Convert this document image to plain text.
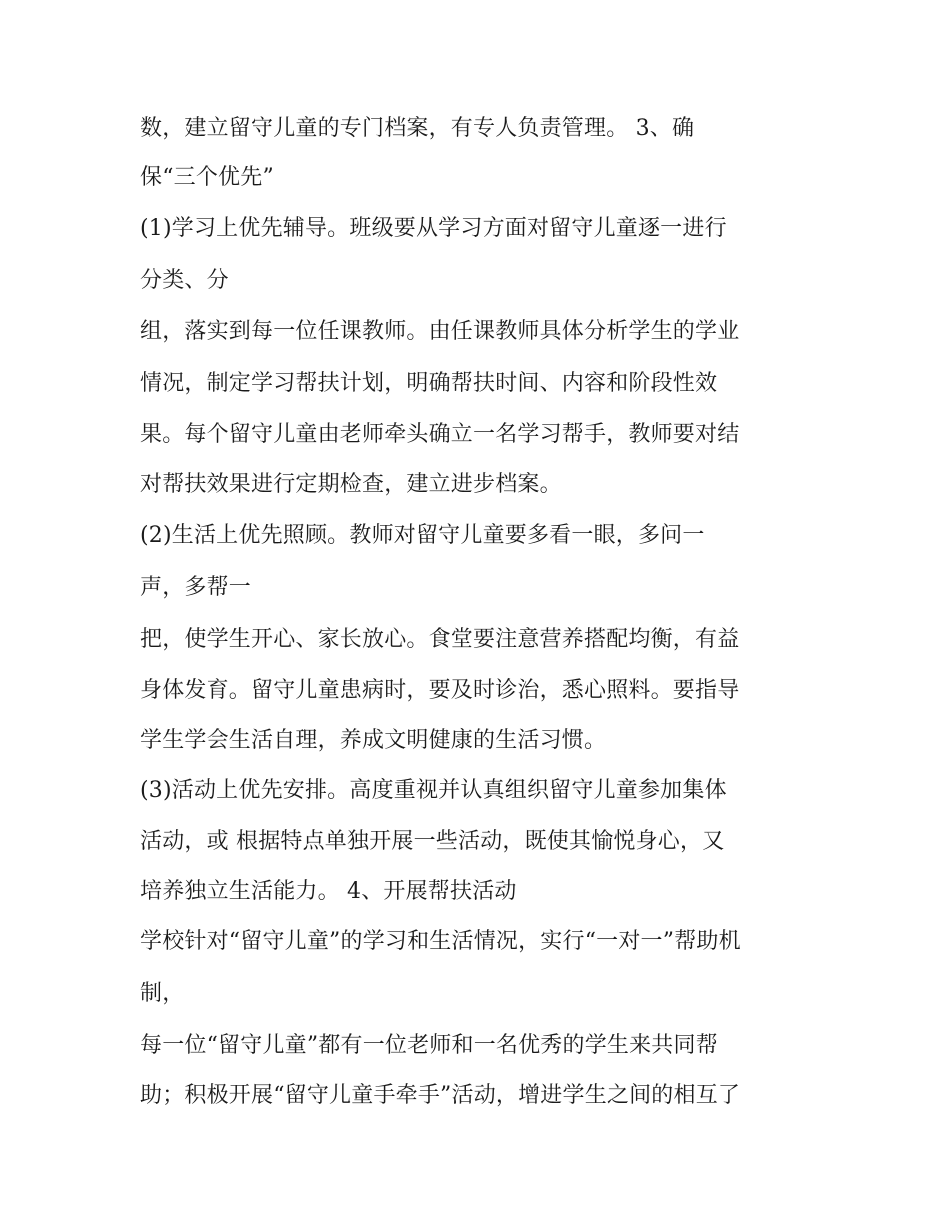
数，建立留守儿童的专门档案，有专人负责管理。 3、确

保“三个优先”

(1)学习上优先辅导。班级要从学习方面对留守儿童逐一进行

分类、分

组，落实到每一位任课教师。由任课教师具体分析学生的学业

情况，制定学习帮扶计划，明确帮扶时间、内容和阶段性效

果。每个留守儿童由老师牵头确立一名学习帮手，教师要对结

对帮扶效果进行定期检查，建立进步档案。

(2)生活上优先照顾。教师对留守儿童要多看一眼，多问一

声，多帮一

把，使学生开心、家长放心。食堂要注意营养搭配均衡，有益

身体发育。留守儿童患病时，要及时诊治，悉心照料。要指导

学生学会生活自理，养成文明健康的生活习惯。

(3)活动上优先安排。高度重视并认真组织留守儿童参加集体

活动，或 根据特点单独开展一些活动，既使其愉悦身心，又

培养独立生活能力。 4、开展帮扶活动

学校针对“留守儿童”的学习和生活情况，实行“一对一”帮助机

制，

每一位“留守儿童”都有一位老师和一名优秀的学生来共同帮

助；积极开展“留守儿童手牵手”活动，增进学生之间的相互了
